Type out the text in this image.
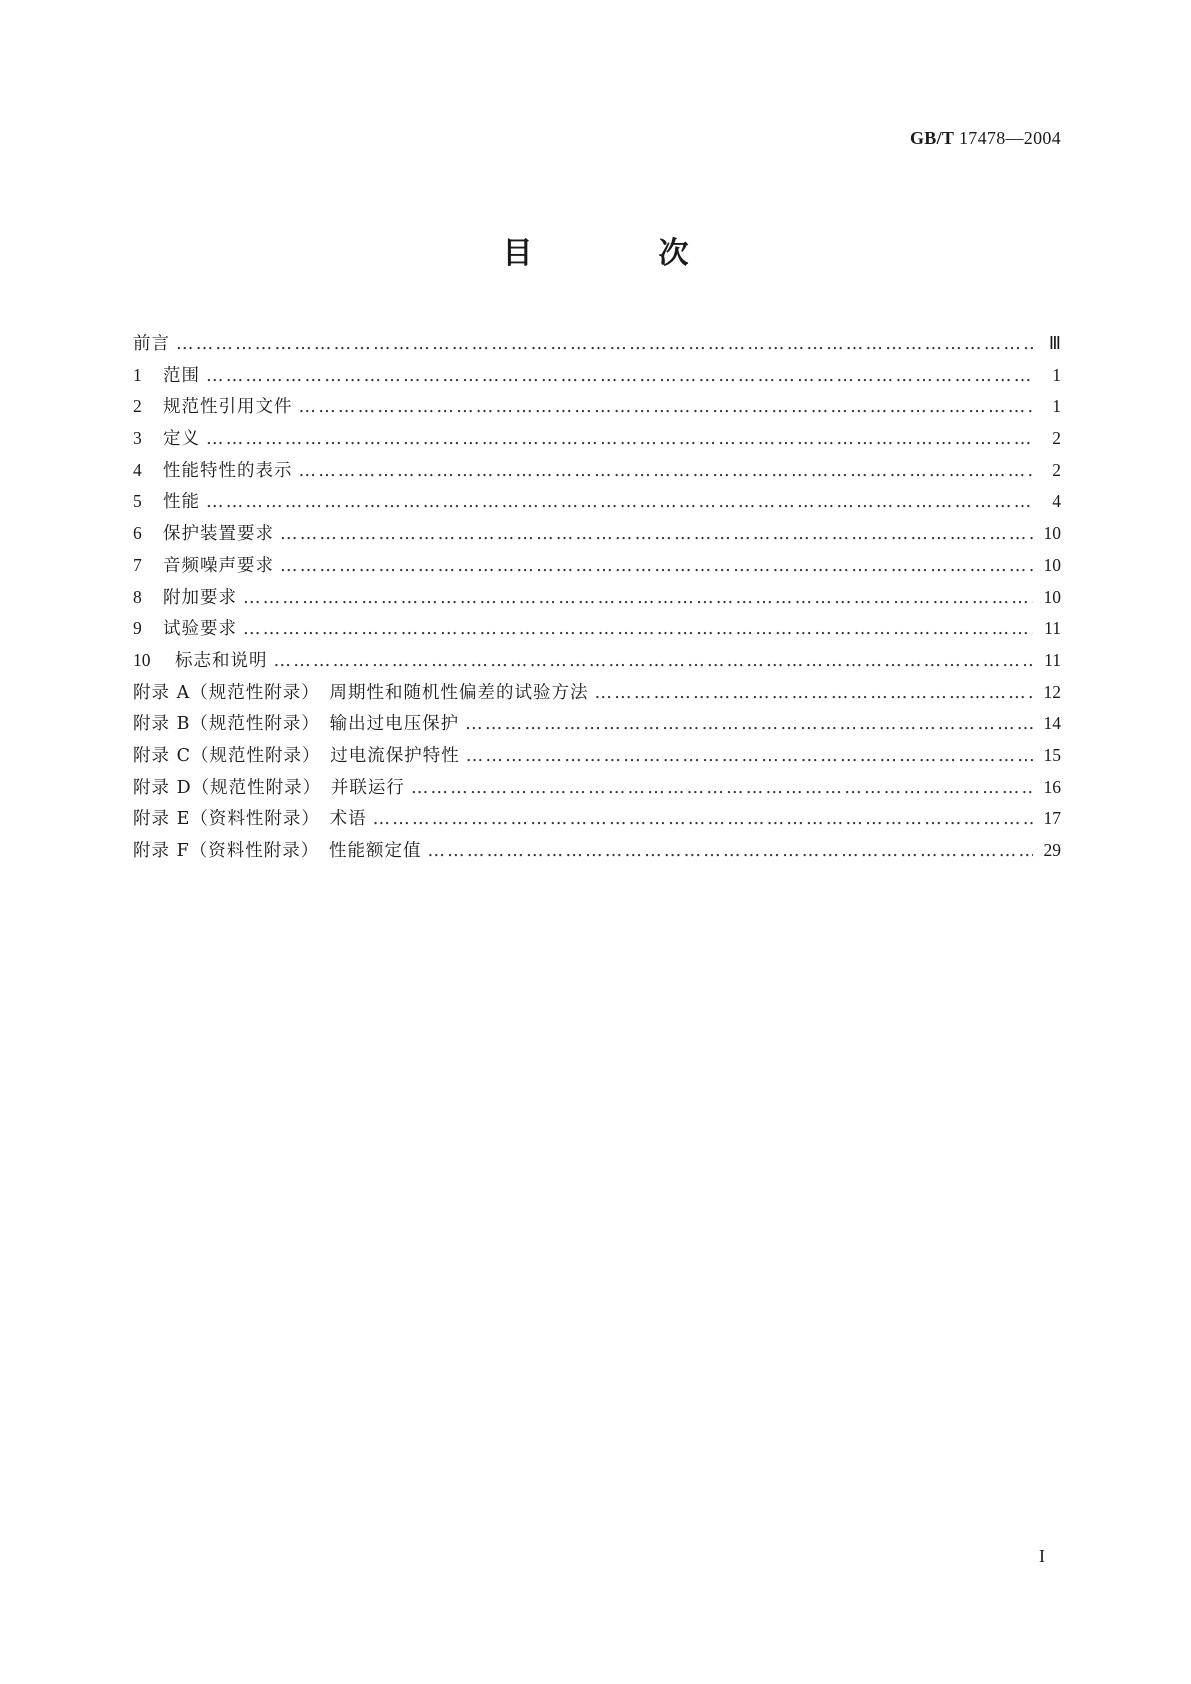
GB/T 17478—2004
目　次
前言 ……………………………………………………………………………………………………………………………………………………………………………………	Ⅲ
1	范围 ……………………………………………………………………………………………………………………………………………………………………………………	1
2	规范性引用文件 ……………………………………………………………………………………………………………………………………………………………………………………	1
3	定义 ……………………………………………………………………………………………………………………………………………………………………………………	2
4	性能特性的表示 ……………………………………………………………………………………………………………………………………………………………………………………	2
5	性能 ……………………………………………………………………………………………………………………………………………………………………………………	4
6	保护装置要求 ……………………………………………………………………………………………………………………………………………………………………………………	10
7	音频噪声要求 ……………………………………………………………………………………………………………………………………………………………………………………	10
8	附加要求 ……………………………………………………………………………………………………………………………………………………………………………………	10
9	试验要求 ……………………………………………………………………………………………………………………………………………………………………………………	11
10	标志和说明 ……………………………………………………………………………………………………………………………………………………………………………………	11
附录 A（规范性附录）　周期性和随机性偏差的试验方法 ……………………………………………………………………………………………………………………………………………………………………………………	12
附录 B（规范性附录）　输出过电压保护 ……………………………………………………………………………………………………………………………………………………………………………………	14
附录 C（规范性附录）　过电流保护特性 ……………………………………………………………………………………………………………………………………………………………………………………	15
附录 D（规范性附录）　并联运行 ……………………………………………………………………………………………………………………………………………………………………………………	16
附录 E（资料性附录）　术语 ……………………………………………………………………………………………………………………………………………………………………………………	17
附录 F（资料性附录）　性能额定值 ……………………………………………………………………………………………………………………………………………………………………………………	29
I
